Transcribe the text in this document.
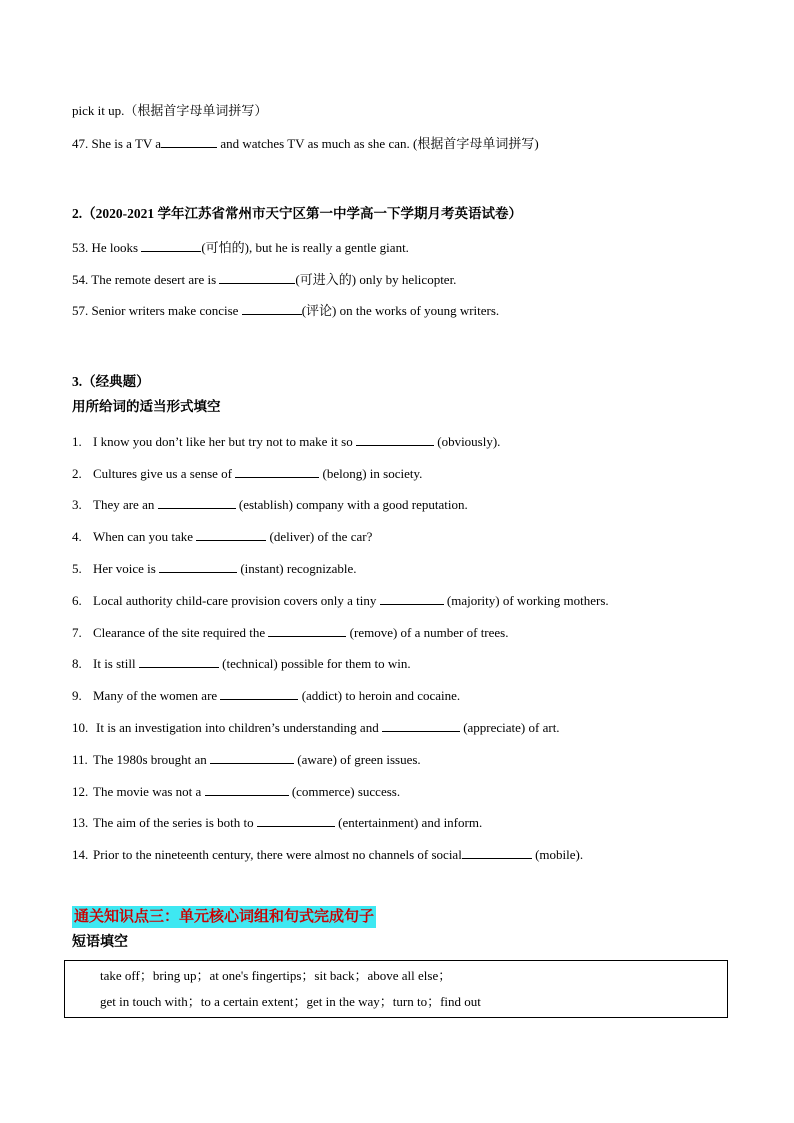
pick it up.（根据首字母单词拼写）
47. She is a TV a	and watches TV as much as she can. (根据首字母单词拼写)
2.（2020-2021 学年江苏省常州市天宁区第一中学高一下学期月考英语试卷）
53. He looks	(可怕的), but he is really a gentle giant.
54. The remote desert are is	(可进入的) only by helicopter.
57. Senior writers make concise	(评论) on the works of young writers.
3.（经典题）
用所给词的适当形式填空
1. I know you don’t like her but try not to make it so	(obviously).
2. Cultures give us a sense of	(belong) in society.
3. They are an	(establish) company with a good reputation.
4. When can you take	(deliver) of the car?
5. Her voice is	(instant) recognizable.
6. Local authority child-care provision covers only a tiny	(majority) of working mothers.
7. Clearance of the site required the	(remove) of a number of trees.
8. It is still	(technical) possible for them to win.
9. Many of the women are	(addict) to heroin and cocaine.
10. It is an investigation into children’s understanding and	(appreciate) of art.
11. The 1980s brought an	(aware) of green issues.
12. The movie was not a	(commerce) success.
13. The aim of the series is both to	(entertainment) and inform.
14. Prior to the nineteenth century, there were almost no channels of social	(mobile).
通关知识点三：单元核心词组和句式完成句子
短语填空
take off；bring up；at one's fingertips；sit back；above all else；
get in touch with；to a certain extent；get in the way；turn to；find out
